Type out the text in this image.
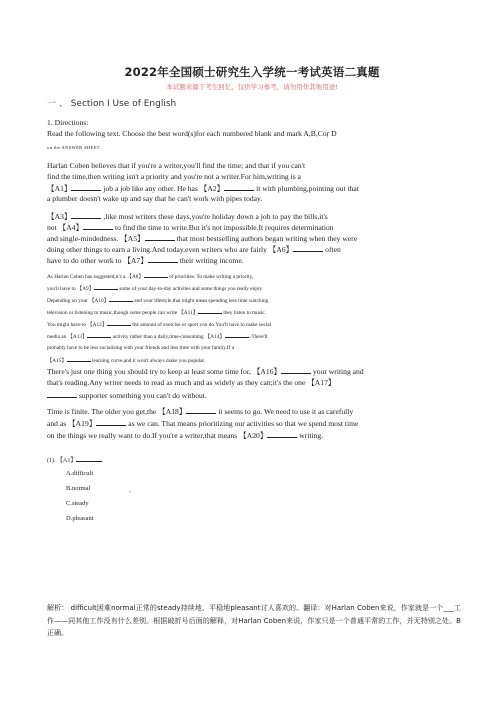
2022年全国硕士研究生入学统一考试英语二真题
本试题来源于考生回忆，仅供学习参考，请勿用作其他用途!
一 、 Section I Use of English
1. Directions:
Read the following text. Choose the best word(s)for each numbered blank and mark A,B,Coṛ D
on the ANSWER SHEET.
Harlan Coben believes that if you're a writer,you'll find the time; and that if you can't
find the time,then writing isn't a priority and you're not a writer.For him,writing is a
【A1】	job a job like any other. He has 【A2】	it with plumbing,pointing out that
a plumber doesn't wake up and say that he can't work with pipes today.
【A3】	,like most writers these days,you're holiday down a job to pay the bills,it's
not 【A4】	to find the time to write.But it's not impossible.It requires determination
and single-mindedness. 【A5】	that most bestselling authors began writing when they were
doing other things to earn a living.And today,even writers who are fairly 【A6】	often
have to do other work to 【A7】	their writing income.
As Harlan Coben has suggested,it's a 【A8】	of priorities. To make writing a priority,
you'll have to 【A9】	some of your day-to-day activites and some things you really enjoy.
Depending on your 【A10】	and your lifestyle,that might mean spending less time watching
television or listening to music,though some people can write 【A11】	they listen to music.
You might have to 【A12】	the amount of exercise or sport you do.You'll have to make social
media an 【A13】	activity rather than a daily,time-consuming 【A14】	.There'll
probably have to be less socialising with your friends and less time with your family.If a
【A15】	learning curve,and it won't always make you popular.
There's just one thing you should try to keep at least some time for, 【A16】	your writing and
that's reading.Any writer needs to read as much and as widely as they can;it's the one 【A17】
supporter something you can't do without.
Time is finite. The older you get,the 【A18】	it seems to go. We need to use it as carefully
and as 【A19】	as we can. That means prioritizing our activities so that we spend most time
on the things we really want to do.If you're a writer,that means 【A20】	writing.
(1). 【A1】
A.difficult
B.normal	。
C.steady
D.pleasant
解析： difficult困难normal正常的steady持续地、平稳地pleasant讨人喜欢的。翻译：对Harlan Coben来说，作家就是一个___工作——同其他工作没有什么差别。根据破折号后面的解释，对Harlan Coben来说，作家只是一个普通平常的工作，并无特别之处。B正确。
